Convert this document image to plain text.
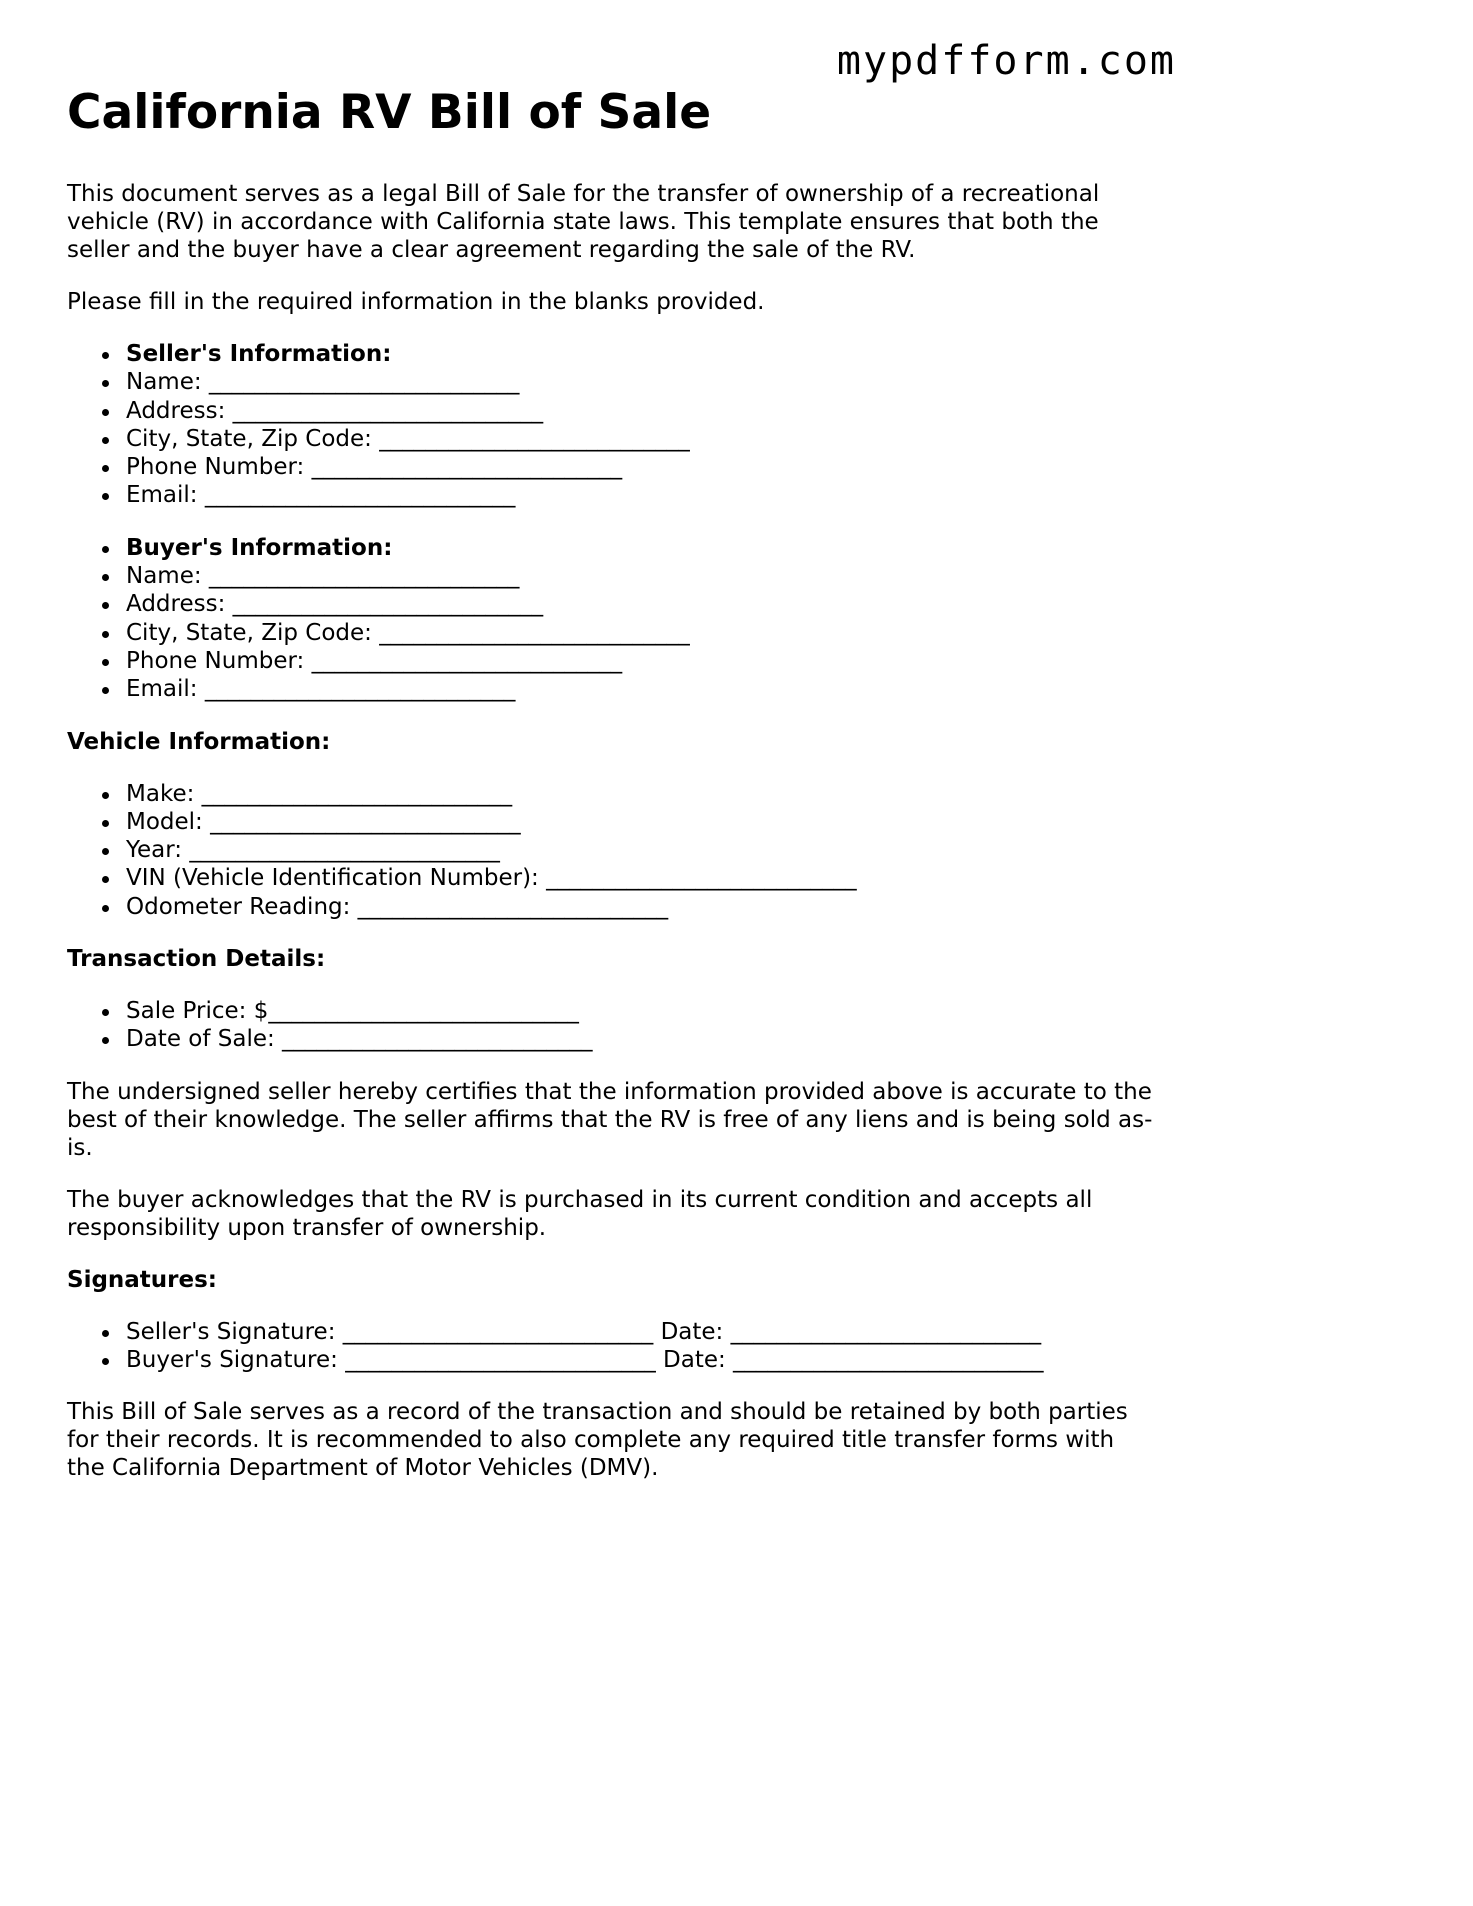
mypdfform.com
California RV Bill of Sale

This document serves as a legal Bill of Sale for the transfer of ownership of a recreational vehicle (RV) in accordance with California state laws. This template ensures that both the seller and the buyer have a clear agreement regarding the sale of the RV.

Please fill in the required information in the blanks provided.

Seller's Information:
Name: ___________________________
Address: ___________________________
City, State, Zip Code: ___________________________
Phone Number: ___________________________
Email: ___________________________
Buyer's Information:
Name: ___________________________
Address: ___________________________
City, State, Zip Code: ___________________________
Phone Number: ___________________________
Email: ___________________________
Vehicle Information:
Make: ___________________________
Model: ___________________________
Year: ___________________________
VIN (Vehicle Identification Number): ___________________________
Odometer Reading: ___________________________
Transaction Details:
Sale Price: $___________________________
Date of Sale: ___________________________

The undersigned seller hereby certifies that the information provided above is accurate to the best of their knowledge. The seller affirms that the RV is free of any liens and is being sold as-is.

The buyer acknowledges that the RV is purchased in its current condition and accepts all responsibility upon transfer of ownership.

Signatures:
Seller's Signature: ___________________________ Date: ___________________________
Buyer's Signature: ___________________________ Date: ___________________________

This Bill of Sale serves as a record of the transaction and should be retained by both parties for their records. It is recommended to also complete any required title transfer forms with the California Department of Motor Vehicles (DMV).
